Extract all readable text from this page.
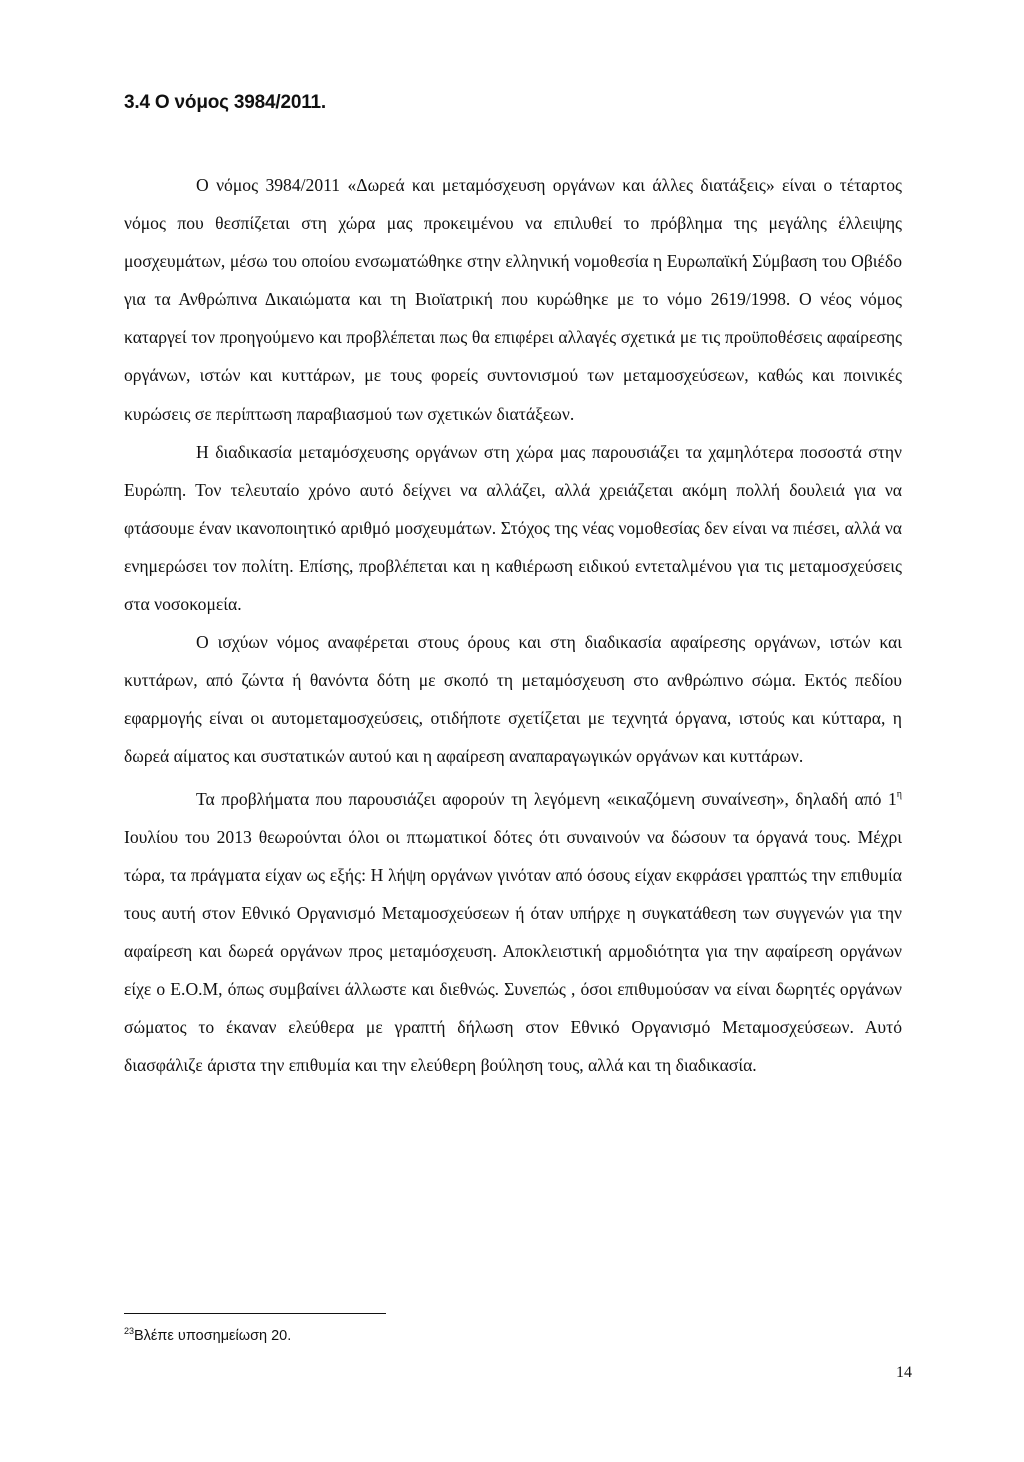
3.4 Ο νόμος 3984/2011.

Ο νόμος 3984/2011 «Δωρεά και μεταμόσχευση οργάνων και άλλες διατάξεις» είναι ο τέταρτος νόμος που θεσπίζεται στη χώρα μας προκειμένου να επιλυθεί το πρόβλημα της μεγάλης έλλειψης μοσχευμάτων, μέσω του οποίου ενσωματώθηκε στην ελληνική νομοθεσία η Ευρωπαϊκή Σύμβαση του Οβιέδο για τα Ανθρώπινα Δικαιώματα και τη Βιοϊατρική που κυρώθηκε με το νόμο 2619/1998. Ο νέος νόμος καταργεί τον προηγούμενο και προβλέπεται πως θα επιφέρει αλλαγές σχετικά με τις προϋποθέσεις αφαίρεσης οργάνων, ιστών και κυττάρων, με τους φορείς συντονισμού των μεταμοσχεύσεων, καθώς και ποινικές κυρώσεις σε περίπτωση παραβιασμού των σχετικών διατάξεων.

Η διαδικασία μεταμόσχευσης οργάνων στη χώρα μας παρουσιάζει τα χαμηλότερα ποσοστά στην Ευρώπη. Τον τελευταίο χρόνο αυτό δείχνει να αλλάζει, αλλά χρειάζεται ακόμη πολλή δουλειά για να φτάσουμε έναν ικανοποιητικό αριθμό μοσχευμάτων. Στόχος της νέας νομοθεσίας δεν είναι να πιέσει, αλλά να ενημερώσει τον πολίτη. Επίσης, προβλέπεται και η καθιέρωση ειδικού εντεταλμένου για τις μεταμοσχεύσεις στα νοσοκομεία.

Ο ισχύων νόμος αναφέρεται στους όρους και στη διαδικασία αφαίρεσης οργάνων, ιστών και κυττάρων, από ζώντα ή θανόντα δότη με σκοπό τη μεταμόσχευση στο ανθρώπινο σώμα. Εκτός πεδίου εφαρμογής είναι οι αυτομεταμοσχεύσεις, οτιδήποτε σχετίζεται με τεχνητά όργανα, ιστούς και κύτταρα, η δωρεά αίματος και συστατικών αυτού και η αφαίρεση αναπαραγωγικών οργάνων και κυττάρων.

Τα προβλήματα που παρουσιάζει αφορούν τη λεγόμενη «εικαζόμενη συναίνεση», δηλαδή από $1^\eta$ Ιουλίου του 2013 θεωρούνται όλοι οι πτωματικοί δότες ότι συναινούν να δώσουν τα όργανά τους. Μέχρι τώρα, τα πράγματα είχαν ως εξής: Η λήψη οργάνων γινόταν από όσους είχαν εκφράσει γραπτώς την επιθυμία τους αυτή στον Εθνικό Οργανισμό Μεταμοσχεύσεων ή όταν υπήρχε η συγκατάθεση των συγγενών για την αφαίρεση και δωρεά οργάνων προς μεταμόσχευση. Αποκλειστική αρμοδιότητα για την αφαίρεση οργάνων είχε ο Ε.Ο.Μ, όπως συμβαίνει άλλωστε και διεθνώς. Συνεπώς , όσοι επιθυμούσαν να είναι δωρητές οργάνων σώματος το έκαναν ελεύθερα με γραπτή δήλωση στον Εθνικό Οργανισμό Μεταμοσχεύσεων. Αυτό διασφάλιζε άριστα την επιθυμία και την ελεύθερη βούληση τους, αλλά και τη διαδικασία.

$^{23}$Βλέπε υποσημείωση 20.
14
